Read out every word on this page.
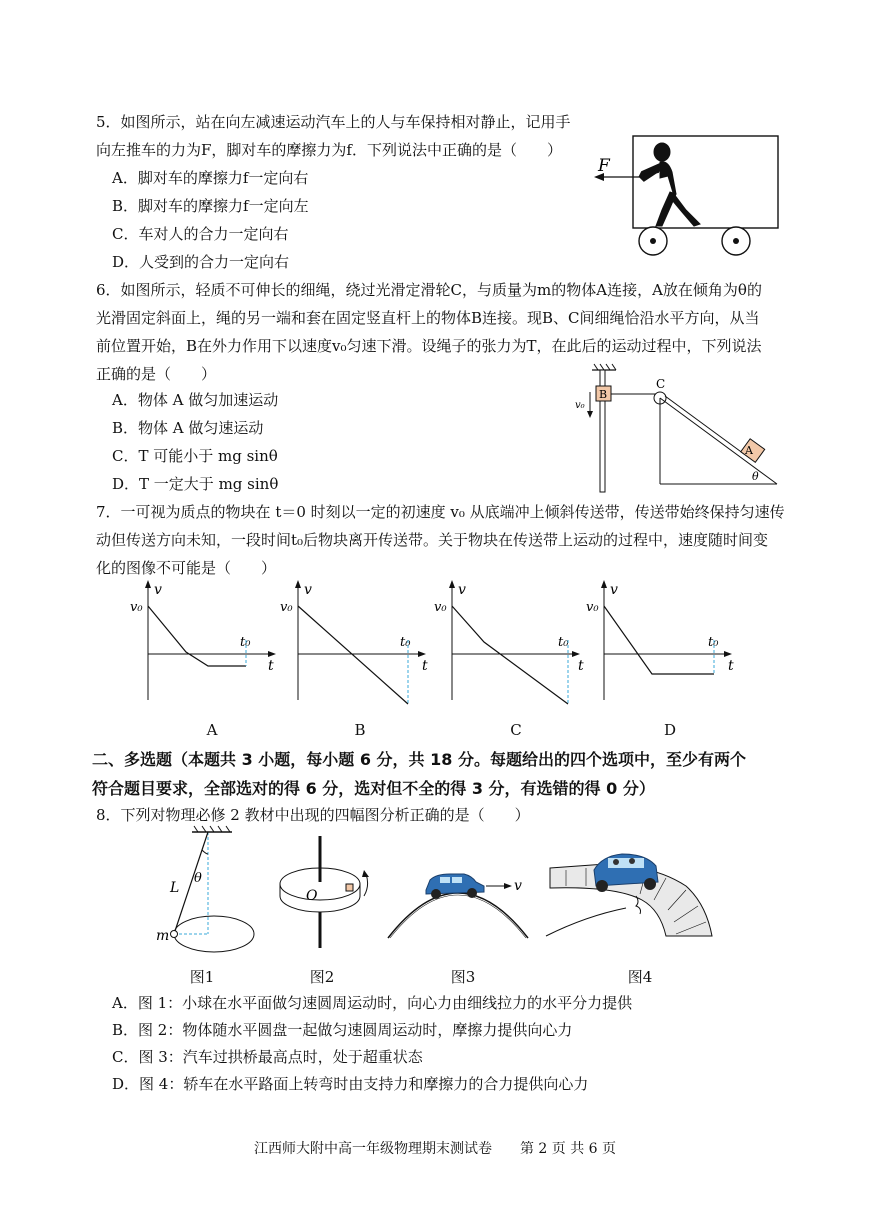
5．如图所示，站在向左减速运动汽车上的人与车保持相对静止，记用手
向左推车的力为F，脚对车的摩擦力为f．下列说法中正确的是（　　）
A．脚对车的摩擦力f一定向右
B．脚对车的摩擦力f一定向左
C．车对人的合力一定向右
D．人受到的合力一定向右
F
6．如图所示，轻质不可伸长的细绳，绕过光滑定滑轮C，与质量为m的物体A连接，A放在倾角为θ的
光滑固定斜面上，绳的另一端和套在固定竖直杆上的物体B连接。现B、C间细绳恰沿水平方向，从当
前位置开始，B在外力作用下以速度v₀匀速下滑。设绳子的张力为T，在此后的运动过程中，下列说法
正确的是（　　）
A．物体 A 做匀加速运动
B．物体 A 做匀速运动
C．T 可能小于 mg sinθ
D．T 一定大于 mg sinθ
B
v₀
C
A
θ
7．一可视为质点的物块在 t＝0 时刻以一定的初速度 v₀ 从底端冲上倾斜传送带，传送带始终保持匀速传
动但传送方向未知，一段时间t₀后物块离开传送带。关于物块在传送带上运动的过程中，速度随时间变
化的图像不可能是（　　）
v
v₀
t₀
t
A
v
v₀
t₀
t
B
v
v₀
t₀
t
C
v
v₀
t₀
t
D
二、多选题（本题共 3 小题，每小题 6 分，共 18 分。每题给出的四个选项中，至少有两个
符合题目要求，全部选对的得 6 分，选对但不全的得 3 分，有选错的得 0 分）
8．下列对物理必修 2 教材中出现的四幅图分析正确的是（　　）
L
θ
m
图1
O
图2
v
图3	图4
A．图 1：小球在水平面做匀速圆周运动时，向心力由细线拉力的水平分力提供
B．图 2：物体随水平圆盘一起做匀速圆周运动时，摩擦力提供向心力
C．图 3：汽车过拱桥最高点时，处于超重状态
D．图 4：轿车在水平路面上转弯时由支持力和摩擦力的合力提供向心力
江西师大附中高一年级物理期末测试卷　　第 2 页 共 6 页
